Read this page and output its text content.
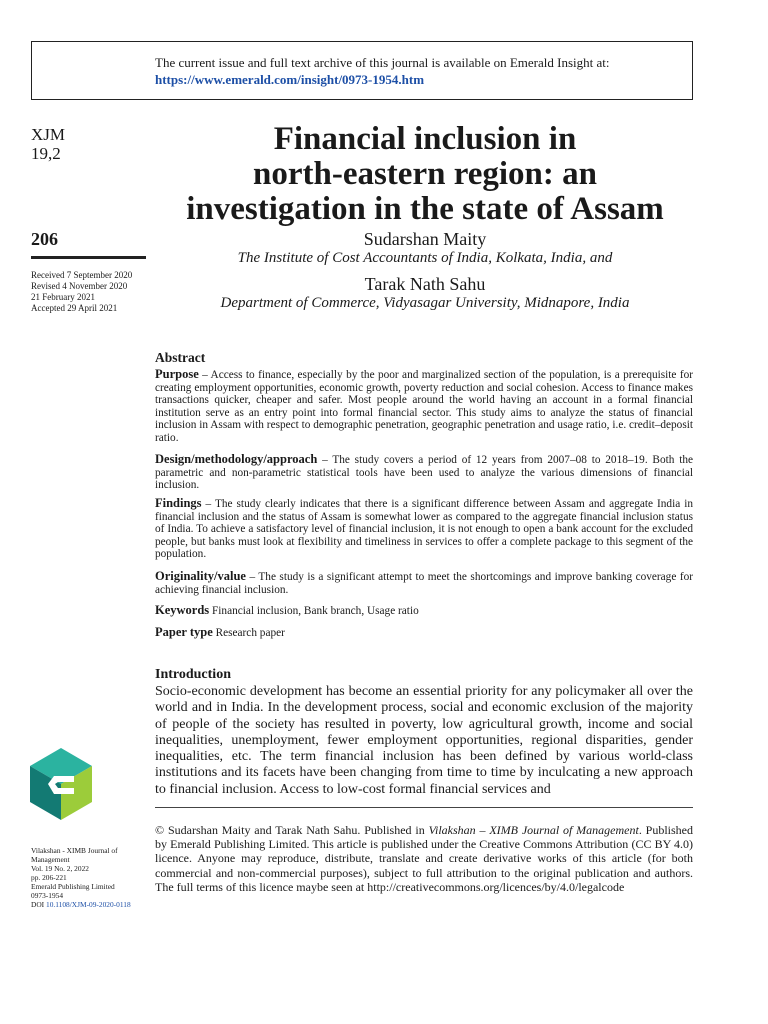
The current issue and full text archive of this journal is available on Emerald Insight at:
https://www.emerald.com/insight/0973-1954.htm
XJM
19,2
206
Received 7 September 2020
Revised 4 November 2020
21 February 2021
Accepted 29 April 2021
Financial inclusion in
north-eastern region: an
investigation in the state of Assam
Sudarshan Maity
The Institute of Cost Accountants of India, Kolkata, India, and
Tarak Nath Sahu
Department of Commerce, Vidyasagar University, Midnapore, India
Abstract
Purpose – Access to finance, especially by the poor and marginalized section of the population, is a prerequisite for creating employment opportunities, economic growth, poverty reduction and social cohesion. Access to finance makes transactions quicker, cheaper and safer. Most people around the world having an account in a formal financial institution serve as an entry point into formal financial sector. This study aims to analyze the status of financial inclusion in Assam with respect to demographic penetration, geographic penetration and usage ratio, i.e. credit–deposit ratio.
Design/methodology/approach – The study covers a period of 12 years from 2007–08 to 2018–19. Both the parametric and non-parametric statistical tools have been used to analyze the various dimensions of financial inclusion.
Findings – The study clearly indicates that there is a significant difference between Assam and aggregate India in financial inclusion and the status of Assam is somewhat lower as compared to the aggregate financial inclusion status of India. To achieve a satisfactory level of financial inclusion, it is not enough to open a bank account for the excluded people, but banks must look at flexibility and timeliness in services to offer a complete package to this segment of the population.
Originality/value – The study is a significant attempt to meet the shortcomings and improve banking coverage for achieving financial inclusion.
Keywords Financial inclusion, Bank branch, Usage ratio
Paper type Research paper
Introduction
Socio-economic development has become an essential priority for any policymaker all over the world and in India. In the development process, social and economic exclusion of the majority of people of the society has resulted in poverty, low agricultural growth, income and social inequalities, unemployment, fewer employment opportunities, regional disparities, gender inequalities, etc. The term financial inclusion has been defined by various world-class institutions and its facets have been changing from time to time by inculcating a new approach to financial inclusion. Access to low-cost formal financial services and
© Sudarshan Maity and Tarak Nath Sahu. Published in Vilakshan – XIMB Journal of Management. Published by Emerald Publishing Limited. This article is published under the Creative Commons Attribution (CC BY 4.0) licence. Anyone may reproduce, distribute, translate and create derivative works of this article (for both commercial and non-commercial purposes), subject to full attribution to the original publication and authors. The full terms of this licence maybe seen at http://creativecommons.org/licences/by/4.0/legalcode
Vilakshan - XIMB Journal of Management
Vol. 19 No. 2, 2022
pp. 206-221
Emerald Publishing Limited
0973-1954
DOI 10.1108/XJM-09-2020-0118
